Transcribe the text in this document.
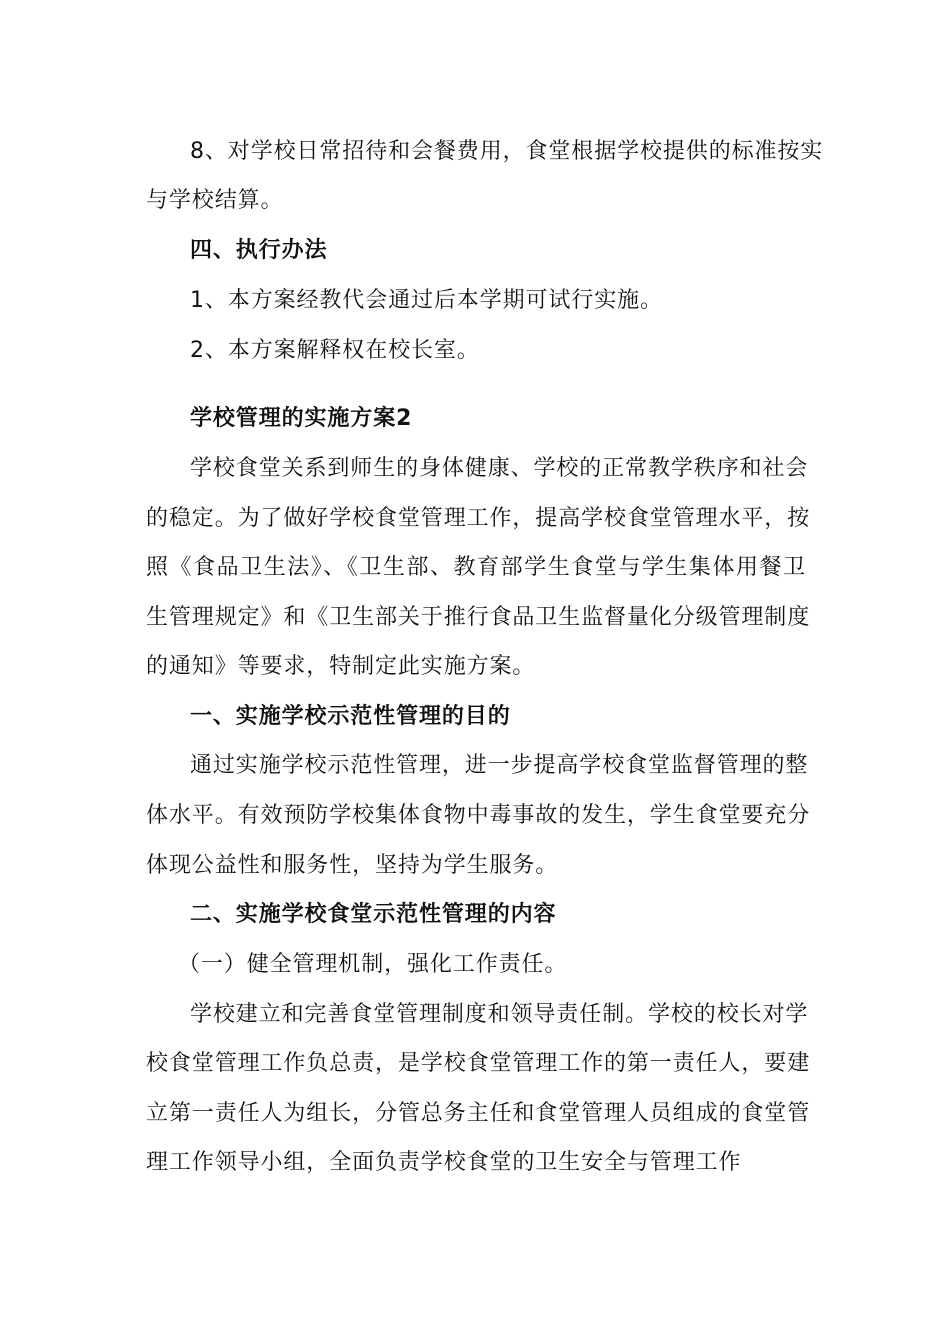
8、对学校日常招待和会餐费用，食堂根据学校提供的标准按实
与学校结算。
四、执行办法
1、本方案经教代会通过后本学期可试行实施。
2、本方案解释权在校长室。
学校管理的实施方案2
学校食堂关系到师生的身体健康、学校的正常教学秩序和社会
的稳定。为了做好学校食堂管理工作，提高学校食堂管理水平，按
照《食品卫生法》、《卫生部、教育部学生食堂与学生集体用餐卫
生管理规定》和《卫生部关于推行食品卫生监督量化分级管理制度
的通知》等要求，特制定此实施方案。
一、实施学校示范性管理的目的
通过实施学校示范性管理，进一步提高学校食堂监督管理的整
体水平。有效预防学校集体食物中毒事故的发生，学生食堂要充分
体现公益性和服务性，坚持为学生服务。
二、实施学校食堂示范性管理的内容
（一）健全管理机制，强化工作责任。
学校建立和完善食堂管理制度和领导责任制。学校的校长对学
校食堂管理工作负总责，是学校食堂管理工作的第一责任人，要建
立第一责任人为组长，分管总务主任和食堂管理人员组成的食堂管
理工作领导小组，全面负责学校食堂的卫生安全与管理工作
